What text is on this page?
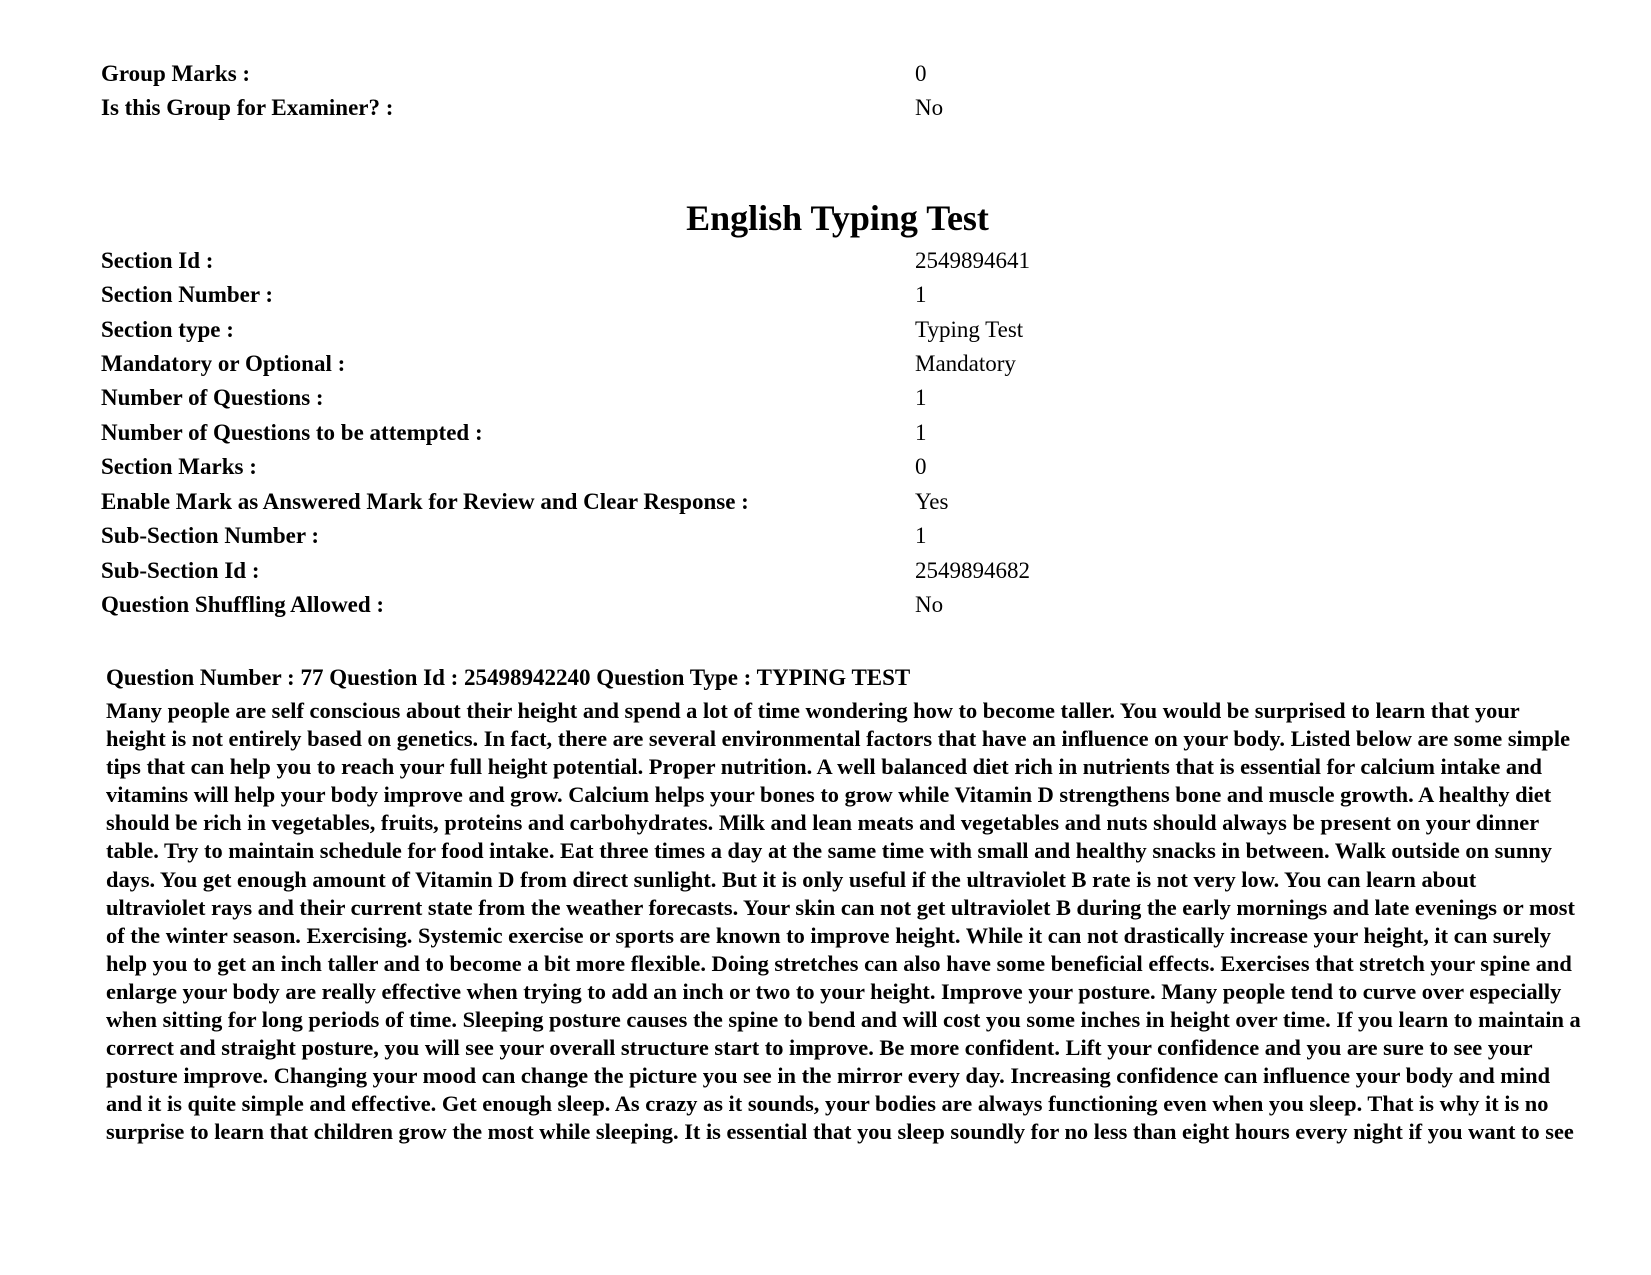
Group Marks :	0
Is this Group for Examiner? :	No
English Typing Test
Section Id :	2549894641
Section Number :	1
Section type :	Typing Test
Mandatory or Optional :	Mandatory
Number of Questions :	1
Number of Questions to be attempted :	1
Section Marks :	0
Enable Mark as Answered Mark for Review and Clear Response :	Yes
Sub-Section Number :	1
Sub-Section Id :	2549894682
Question Shuffling Allowed :	No
Question Number : 77 Question Id : 25498942240 Question Type : TYPING TEST
Many people are self conscious about their height and spend a lot of time wondering how to become taller. You would be surprised to learn that your height is not entirely based on genetics. In fact, there are several environmental factors that have an influence on your body. Listed below are some simple tips that can help you to reach your full height potential. Proper nutrition. A well balanced diet rich in nutrients that is essential for calcium intake and vitamins will help your body improve and grow. Calcium helps your bones to grow while Vitamin D strengthens bone and muscle growth. A healthy diet should be rich in vegetables, fruits, proteins and carbohydrates. Milk and lean meats and vegetables and nuts should always be present on your dinner table. Try to maintain schedule for food intake. Eat three times a day at the same time with small and healthy snacks in between. Walk outside on sunny days. You get enough amount of Vitamin D from direct sunlight. But it is only useful if the ultraviolet B rate is not very low. You can learn about ultraviolet rays and their current state from the weather forecasts. Your skin can not get ultraviolet B during the early mornings and late evenings or most of the winter season. Exercising. Systemic exercise or sports are known to improve height. While it can not drastically increase your height, it can surely help you to get an inch taller and to become a bit more flexible. Doing stretches can also have some beneficial effects. Exercises that stretch your spine and enlarge your body are really effective when trying to add an inch or two to your height. Improve your posture. Many people tend to curve over especially when sitting for long periods of time. Sleeping posture causes the spine to bend and will cost you some inches in height over time. If you learn to maintain a correct and straight posture, you will see your overall structure start to improve. Be more confident. Lift your confidence and you are sure to see your posture improve. Changing your mood can change the picture you see in the mirror every day. Increasing confidence can influence your body and mind and it is quite simple and effective. Get enough sleep. As crazy as it sounds, your bodies are always functioning even when you sleep. That is why it is no surprise to learn that children grow the most while sleeping. It is essential that you sleep soundly for no less than eight hours every night if you want to see
